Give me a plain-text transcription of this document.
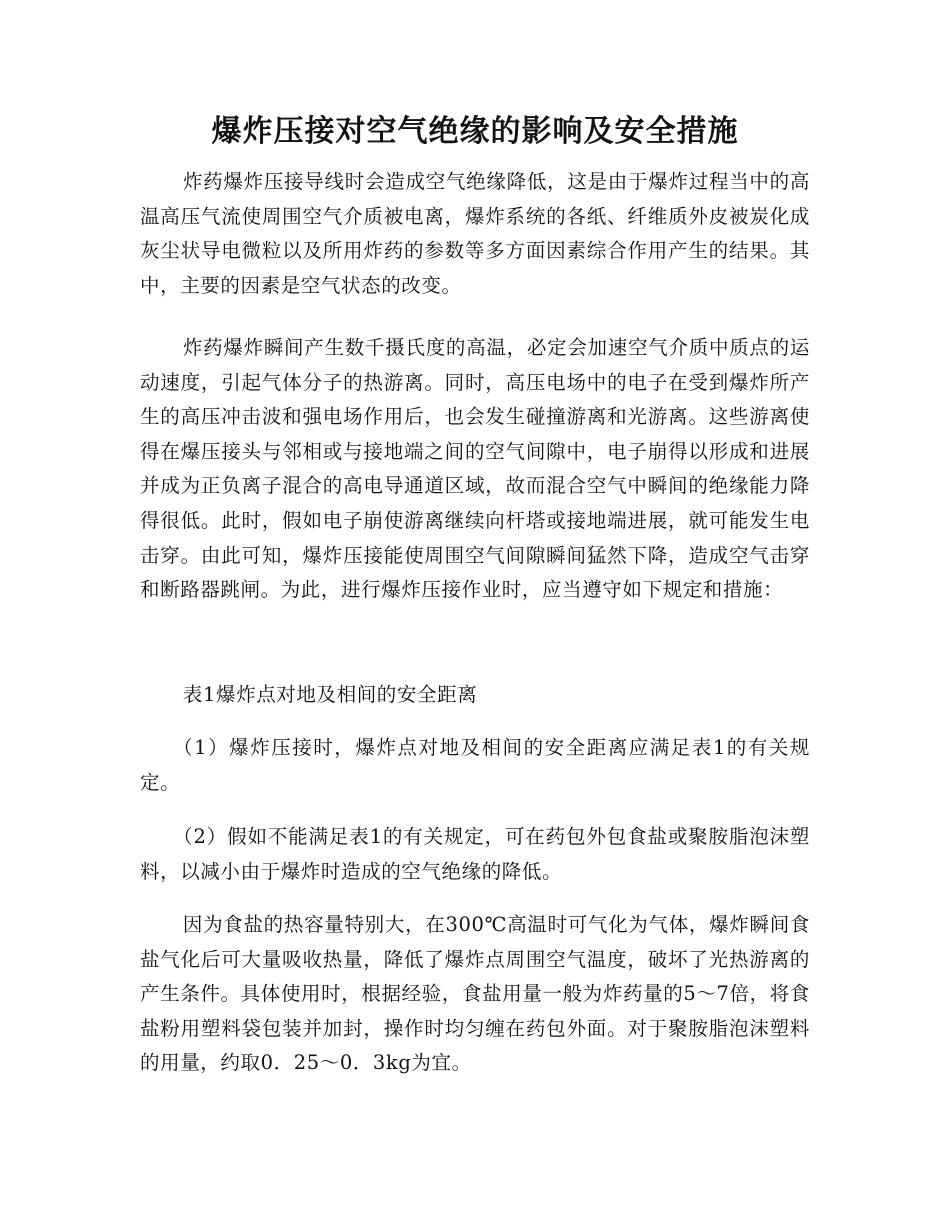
爆炸压接对空气绝缘的影响及安全措施

炸药爆炸压接导线时会造成空气绝缘降低，这是由于爆炸过程当中的高温高压气流使周围空气介质被电离，爆炸系统的各纸、纤维质外皮被炭化成灰尘状导电微粒以及所用炸药的参数等多方面因素综合作用产生的结果。其中，主要的因素是空气状态的改变。

炸药爆炸瞬间产生数千摄氏度的高温，必定会加速空气介质中质点的运动速度，引起气体分子的热游离。同时，高压电场中的电子在受到爆炸所产生的高压冲击波和强电场作用后，也会发生碰撞游离和光游离。这些游离使得在爆压接头与邻相或与接地端之间的空气间隙中，电子崩得以形成和进展并成为正负离子混合的高电导通道区域，故而混合空气中瞬间的绝缘能力降得很低。此时，假如电子崩使游离继续向杆塔或接地端进展，就可能发生电击穿。由此可知，爆炸压接能使周围空气间隙瞬间猛然下降，造成空气击穿和断路器跳闸。为此，进行爆炸压接作业时，应当遵守如下规定和措施：

表1爆炸点对地及相间的安全距离

（1）爆炸压接时，爆炸点对地及相间的安全距离应满足表1的有关规定。

（2）假如不能满足表1的有关规定，可在药包外包食盐或聚胺脂泡沫塑料，以减小由于爆炸时造成的空气绝缘的降低。

因为食盐的热容量特别大，在300℃高温时可气化为气体，爆炸瞬间食盐气化后可大量吸收热量，降低了爆炸点周围空气温度，破坏了光热游离的产生条件。具体使用时，根据经验，食盐用量一般为炸药量的5～7倍，将食盐粉用塑料袋包装并加封，操作时均匀缠在药包外面。对于聚胺脂泡沫塑料的用量，约取0．25～0．3kg为宜。
